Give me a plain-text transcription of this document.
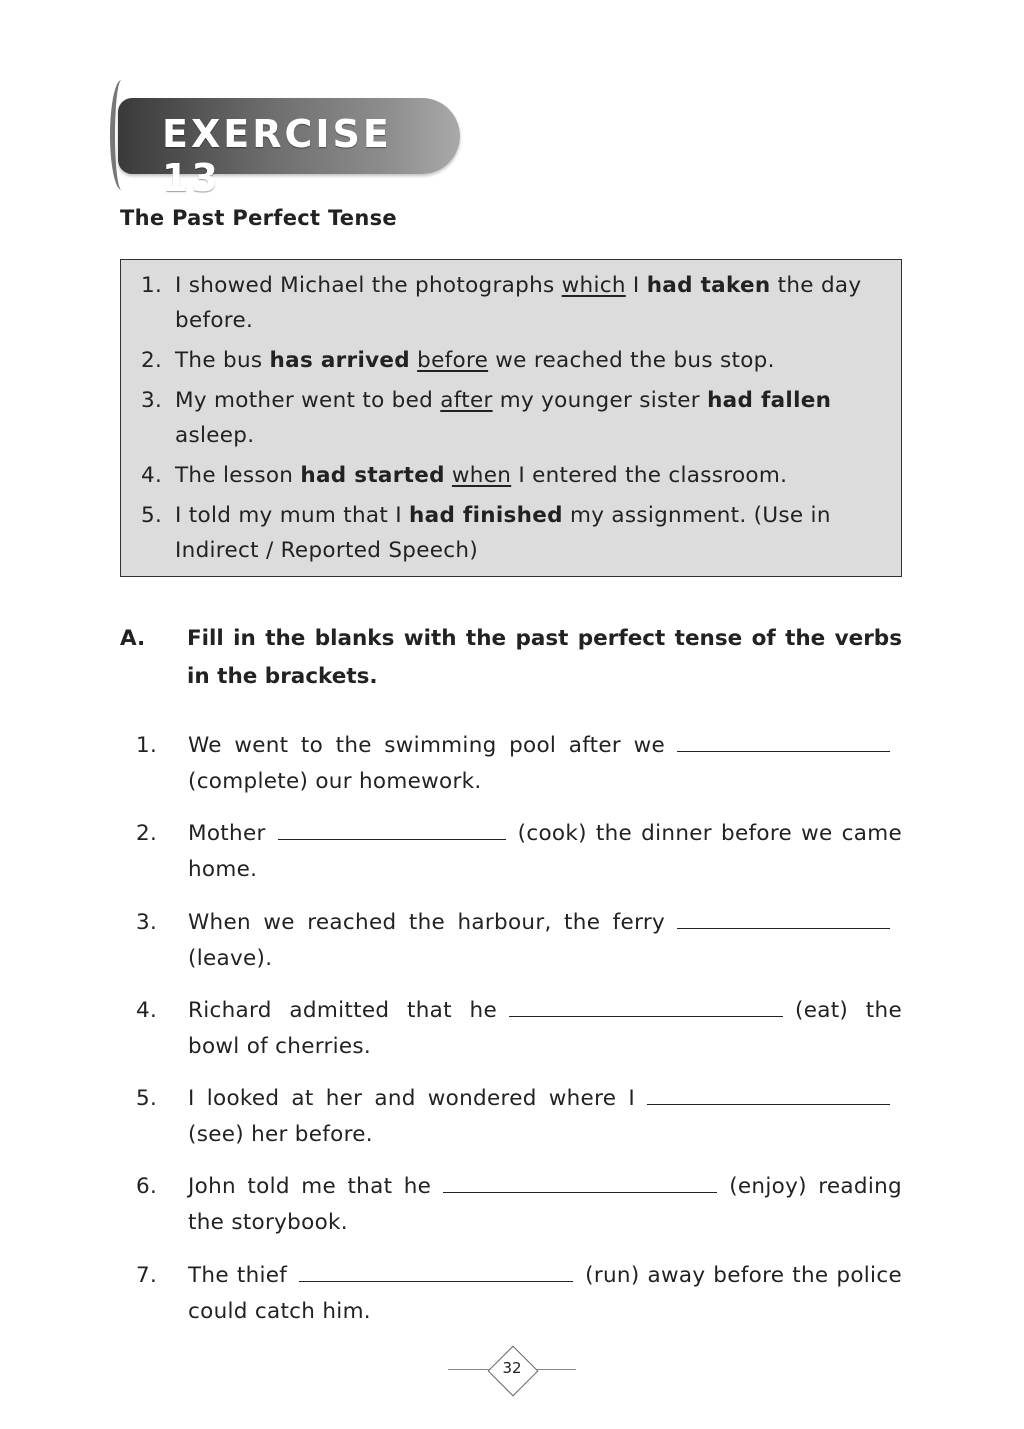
EXERCISE 13
The Past Perfect Tense
1. I showed Michael the photographs which I had taken the day before.
2. The bus has arrived before we reached the bus stop.
3. My mother went to bed after my younger sister had fallen asleep.
4. The lesson had started when I entered the classroom.
5. I told my mum that I had finished my assignment. (Use in Indirect / Reported Speech)
A.	Fill in the blanks with the past perfect tense of the verbs in the brackets.
1.	We went to the swimming pool after we(complete) our homework.
2.	Mother	(cook) the dinner before we came home.
3.	When we reached the harbour, the ferry(leave).
4.	Richard admitted that he	(eat) the bowl of cherries.
5.	I looked at her and wondered where I(see) her before.
6.	John told me that he	(enjoy) reading the storybook.
7.	The thief	(run) away before the police could catch him.
32
